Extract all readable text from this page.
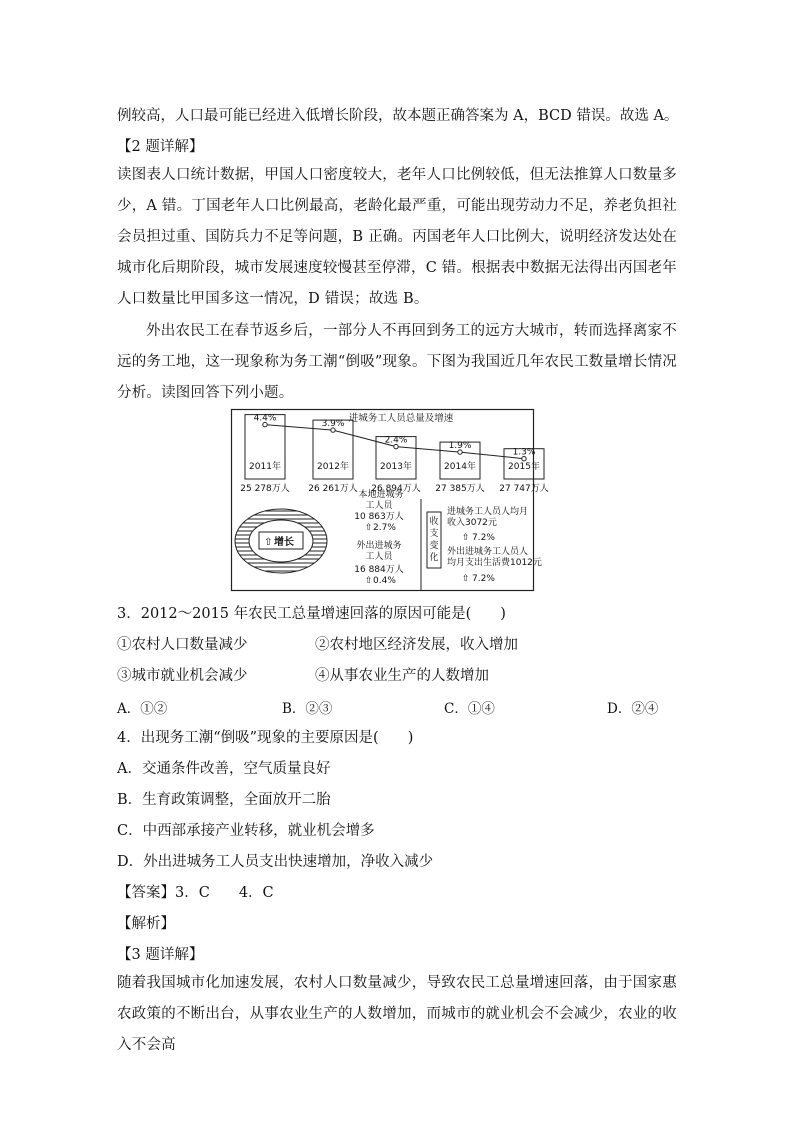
例较高，人口最可能已经进入低增长阶段，故本题正确答案为 A，BCD 错误。故选 A。

【2 题详解】

读图表人口统计数据，甲国人口密度较大，老年人口比例较低，但无法推算人口数量多少，A 错。丁国老年人口比例最高，老龄化最严重，可能出现劳动力不足，养老负担社会员担过重、国防兵力不足等问题，B 正确。丙国老年人口比例大，说明经济发达处在城市化后期阶段，城市发展速度较慢甚至停滞，C 错。根据表中数据无法得出丙国老年人口数量比甲国多这一情况，D 错误；故选 B。

外出农民工在春节返乡后，一部分人不再回到务工的远方大城市，转而选择离家不远的务工地，这一现象称为务工潮“倒吸”现象。下图为我国近几年农民工数量增长情况分析。读图回答下列小题。

进城务工人员总量及增速
4.4%
2011年
25 278万人
3.9%
2012年
26 261万人
2.4%
2013年
26 894万人
1.9%
2014年
27 385万人
1.3%
2015年
27 747万人
本地进城务
工人员
10 863万人
⇧ 2.7%
外出进城务
工人员
16 884万人
⇧ 0.4%
⇧ 增长
收支变化
进城务工人员人均月
收入3072元
⇧ 7.2%
外出进城务工人员人
均月支出生活费1012元
⇧ 7.2%

3．2012～2015 年农民工总量增速回落的原因可能是(　　)

①农村人口数量减少	②农村地区经济发展，收入增加

③城市就业机会减少	④从事农业生产的人数增加

A．①②	B．②③	C．①④	D．②④

4．出现务工潮“倒吸”现象的主要原因是(　　)

A．交通条件改善，空气质量良好

B．生育政策调整，全面放开二胎

C．中西部承接产业转移，就业机会增多

D．外出进城务工人员支出快速增加，净收入减少

【答案】3．C　　4．C

【解析】

【3 题详解】

随着我国城市化加速发展，农村人口数量减少，导致农民工总量增速回落，由于国家惠农政策的不断出台，从事农业生产的人数增加，而城市的就业机会不会减少，农业的收入不会高
